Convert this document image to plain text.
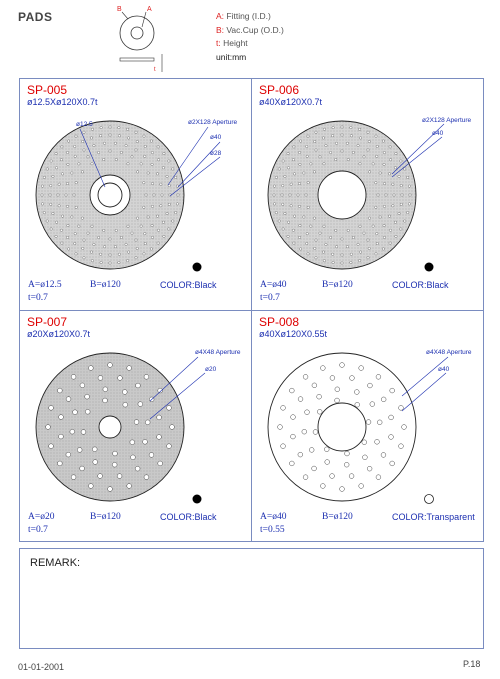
PADS
B	A
t
A: Fitting (I.D.)
B: Vac.Cup (O.D.)
t: Height
unit:mm
ø12.5	ø2X128 Aperture
ø40
ø28
SP-005
ø12.5Xø120X0.7t
A=ø12.5	B=ø120	COLOR:Black
t=0.7
ø2X128 Aperture
ø40
SP-006
ø40Xø120X0.7t
A=ø40	B=ø120	COLOR:Black
t=0.7
ø4X48 Aperture
ø20
SP-007
ø20Xø120X0.7t
A=ø20	B=ø120	COLOR:Black
t=0.7
ø4X48 Aperture
ø40
SP-008
ø40Xø120X0.55t
A=ø40	B=ø120	COLOR:Transparent
t=0.55
REMARK:
01-01-2001	P.18
